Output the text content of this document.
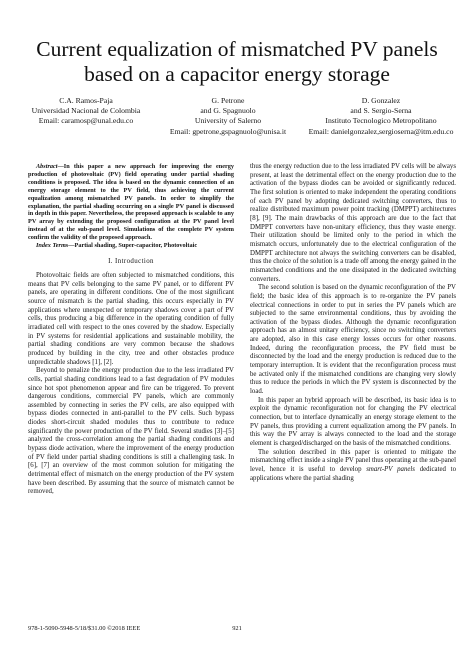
Current equalization of mismatched PV panels based on a capacitor energy storage
C.A. Ramos-Paja
Universidad Nacional de Colombia
Email: caramosp@unal.edu.co
G. Petrone
and G. Spagnuolo
University of Salerno
Email: gpetrone,gspagnuolo@unisa.it
D. Gonzalez
and S. Sergio-Serna
Instituto Tecnologico Metropolitano
Email: danielgonzalez,sergioserna@itm.edu.co

Abstract—In this paper a new approach for improving the energy production of photovoltaic (PV) field operating under partial shading conditions is proposed. The idea is based on the dynamic connection of an energy storage element to the PV field, thus achieving the current equalization among mismatched PV panels. In order to simplify the explanation, the partial shading occurring on a single PV panel is discussed in depth in this paper. Nevertheless, the proposed approach is scalable to any PV array by extending the proposed configuration at the PV panel level instead of at the sub-panel level. Simulations of the complete PV system confirm the validity of the proposed approach.

Index Terms—Partial shading, Super-capacitor, Photovoltaic

I. Introduction

Photovoltaic fields are often subjected to mismatched conditions, this means that PV cells belonging to the same PV panel, or to different PV panels, are operating in different conditions. One of the most significant source of mismatch is the partial shading, this occurs especially in PV applications where unexpected or temporary shadows cover a part of PV cells, thus producing a big difference in the operating condition of fully irradiated cell with respect to the ones covered by the shadow. Especially in PV systems for residential applications and sustainable mobility, the partial shading conditions are very common because the shadows produced by building in the city, tree and other obstacles produce unpredictable shadows [1], [2].

Beyond to penalize the energy production due to the less irradiated PV cells, partial shading conditions lead to a fast degradation of PV modules since hot spot phenomenon appear and fire can be triggered. To prevent dangerous conditions, commercial PV panels, which are commonly assembled by connecting in series the PV cells, are also equipped with bypass diodes connected in anti-parallel to the PV cells. Such bypass diodes short-circuit shaded modules thus to contribute to reduce significantly the power production of the PV field. Several studies [3]–[5] analyzed the cross-correlation among the partial shading conditions and bypass diode activation, where the improvement of the energy production of PV field under partial shading conditions is still a challenging task. In [6], [7] an overview of the most common solution for mitigating the detrimental effect of mismatch on the energy production of the PV system have been described. By assuming that the source of mismatch cannot be removed,

thus the energy reduction due to the less irradiated PV cells will be always present, at least the detrimental effect on the energy production due to the activation of the bypass diodes can be avoided or significantly reduced. The first solution is oriented to make independent the operating conditions of each PV panel by adopting dedicated switching converters, thus to realize distributed maximum power point tracking (DMPPT) architectures [8], [9]. The main drawbacks of this approach are due to the fact that DMPPT converters have non-unitary efficiency, thus they waste energy. Their utilization should be limited only to the period in which the mismatch occurs, unfortunately due to the electrical configuration of the DMPPT architecture not always the switching converters can be disabled, thus the choice of the solution is a trade off among the energy gained in the mismatched conditions and the one dissipated in the dedicated switching converters.

The second solution is based on the dynamic reconfiguration of the PV field; the basic idea of this approach is to re-organize the PV panels electrical connections in order to put in series the PV panels which are subjected to the same environmental conditions, thus by avoiding the activation of the bypass diodes. Although the dynamic reconfiguration approach has an almost unitary efficiency, since no switching converters are adopted, also in this case energy losses occurs for other reasons. Indeed, during the reconfiguration process, the PV field must be disconnected by the load and the energy production is reduced due to the temporary interruption. It is evident that the reconfiguration process must be activated only if the mismatched conditions are changing very slowly thus to reduce the periods in which the PV system is disconnected by the load.

In this paper an hybrid approach will be described, its basic idea is to exploit the dynamic reconfiguration not for changing the PV electrical connection, but to interface dynamically an energy storage element to the PV panels, thus providing a current equalization among the PV panels. In this way the PV array is always connected to the load and the storage element is charged/discharged on the basis of the mismatched conditions.

The solution described in this paper is oriented to mitigate the mismatching effect inside a single PV panel thus operating at the sub-panel level, hence it is useful to develop smart-PV panels dedicated to applications where the partial shading

978-1-5090-5948-5/18/$31.00 ©2018 IEEE	921
